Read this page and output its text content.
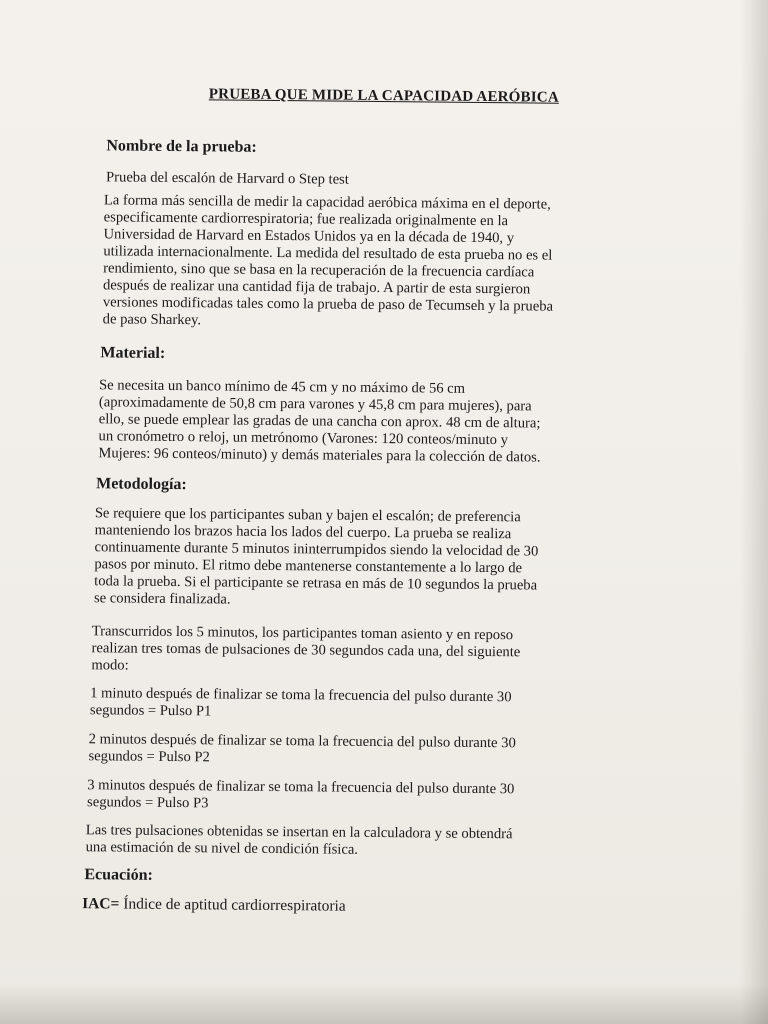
PRUEBA QUE MIDE LA CAPACIDAD AERÓBICA
Nombre de la prueba:
Prueba del escalón de Harvard o Step test
La forma más sencilla de medir la capacidad aeróbica máxima en el deporte,
especificamente cardiorrespiratoria; fue realizada originalmente en la
Universidad de Harvard en Estados Unidos ya en la década de 1940, y
utilizada internacionalmente. La medida del resultado de esta prueba no es el
rendimiento, sino que se basa en la recuperación de la frecuencia cardíaca
después de realizar una cantidad fija de trabajo. A partir de esta surgieron
versiones modificadas tales como la prueba de paso de Tecumseh y la prueba
de paso Sharkey.
Material:
Se necesita un banco mínimo de 45 cm y no máximo de 56 cm
(aproximadamente de 50,8 cm para varones y 45,8 cm para mujeres), para
ello, se puede emplear las gradas de una cancha con aprox. 48 cm de altura;
un cronómetro o reloj, un metrónomo (Varones: 120 conteos/minuto y
Mujeres: 96 conteos/minuto) y demás materiales para la colección de datos.
Metodología:
Se requiere que los participantes suban y bajen el escalón; de preferencia
manteniendo los brazos hacia los lados del cuerpo. La prueba se realiza
continuamente durante 5 minutos ininterrumpidos siendo la velocidad de 30
pasos por minuto. El ritmo debe mantenerse constantemente a lo largo de
toda la prueba. Si el participante se retrasa en más de 10 segundos la prueba
se considera finalizada.
Transcurridos los 5 minutos, los participantes toman asiento y en reposo
realizan tres tomas de pulsaciones de 30 segundos cada una, del siguiente
modo:
1 minuto después de finalizar se toma la frecuencia del pulso durante 30
segundos = Pulso P1
2 minutos después de finalizar se toma la frecuencia del pulso durante 30
segundos = Pulso P2
3 minutos después de finalizar se toma la frecuencia del pulso durante 30
segundos = Pulso P3
Las tres pulsaciones obtenidas se insertan en la calculadora y se obtendrá
una estimación de su nivel de condición física.
Ecuación:
IAC= Índice de aptitud cardiorrespiratoria
